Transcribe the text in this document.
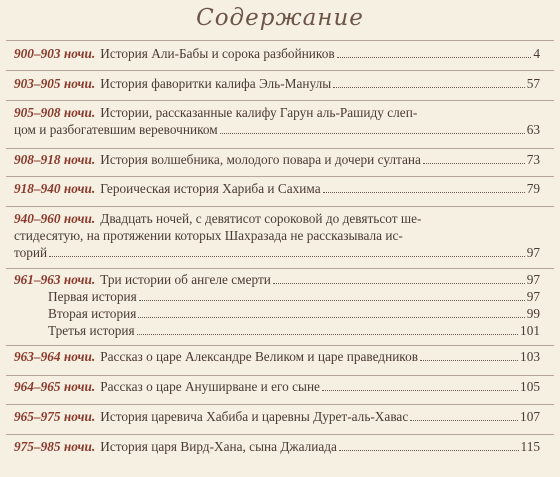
Содержание
900–903 ночи. История Али-Бабы и сорока разбойников	4
903–905 ночи. История фаворитки калифа Эль-Манулы	57
905–908 ночи. Истории, рассказанные калифу Гарун аль-Рашиду слеп-
цом и разбогатевшим веревочником	63
908–918 ночи. История волшебника, молодого повара и дочери султана	73
918–940 ночи. Героическая история Хариба и Сахима	79
940–960 ночи. Двадцать ночей, с девятисот сороковой до девятьсот ше-
стидесятую, на протяжении которых Шахразада не рассказывала ис-
торий	97
961–963 ночи. Три истории об ангеле смерти	97
Первая история	97
Вторая история	99
Третья история	101
963–964 ночи. Рассказ о царе Александре Великом и царе праведников	103
964–965 ночи. Рассказ о царе Ануширване и его сыне	105
965–975 ночи. История царевича Хабиба и царевны Дурет-аль-Хавас	107
975–985 ночи. История царя Вирд-Хана, сына Джалиада	115
